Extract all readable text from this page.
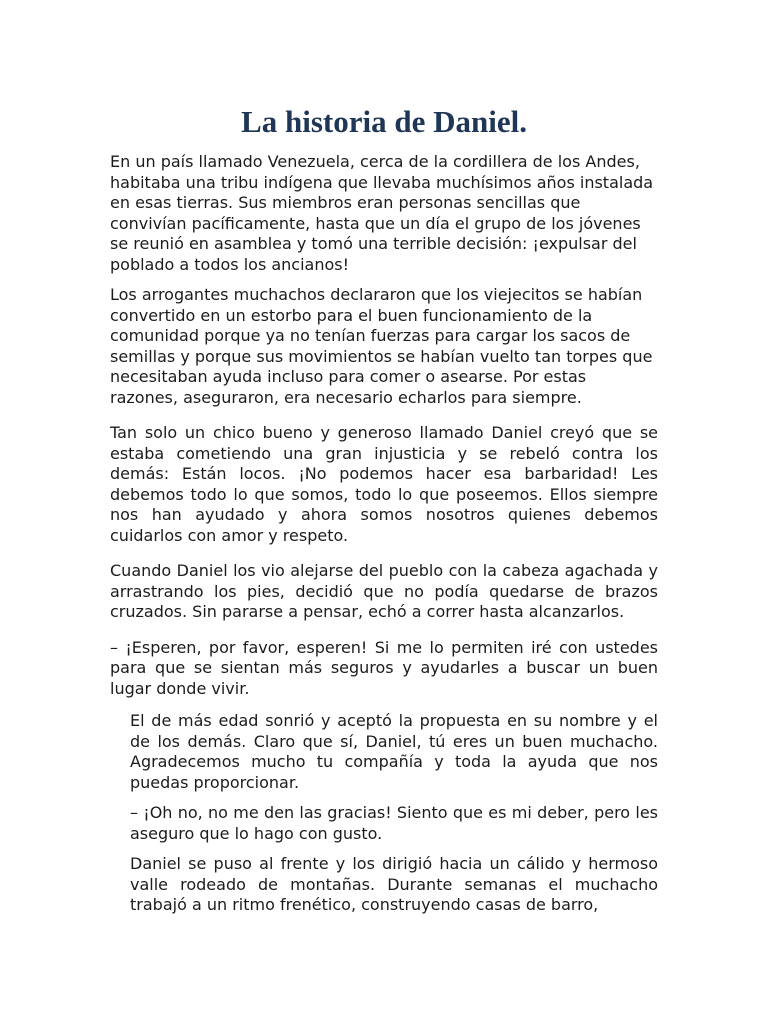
La historia de Daniel.

En un país llamado Venezuela, cerca de la cordillera de los Andes, habitaba una tribu indígena que llevaba muchísimos años instalada en esas tierras. Sus miembros eran personas sencillas que convivían pacíficamente, hasta que un día el grupo de los jóvenes se reunió en asamblea y tomó una terrible decisión: ¡expulsar del poblado a todos los ancianos!

Los arrogantes muchachos declararon que los viejecitos se habían convertido en un estorbo para el buen funcionamiento de la comunidad porque ya no tenían fuerzas para cargar los sacos de semillas y porque sus movimientos se habían vuelto tan torpes que necesitaban ayuda incluso para comer o asearse. Por estas razones, aseguraron, era necesario echarlos para siempre.

Tan solo un chico bueno y generoso llamado Daniel creyó que se estaba cometiendo una gran injusticia y se rebeló contra los demás: Están locos. ¡No podemos hacer esa barbaridad! Les debemos todo lo que somos, todo lo que poseemos. Ellos siempre nos han ayudado y ahora somos nosotros quienes debemos cuidarlos con amor y respeto.

Cuando Daniel los vio alejarse del pueblo con la cabeza agachada y arrastrando los pies, decidió que no podía quedarse de brazos cruzados. Sin pararse a pensar, echó a correr hasta alcanzarlos.

– ¡Esperen, por favor, esperen! Si me lo permiten iré con ustedes para que se sientan más seguros y ayudarles a buscar un buen lugar donde vivir.

El de más edad sonrió y aceptó la propuesta en su nombre y el de los demás. Claro que sí, Daniel, tú eres un buen muchacho. Agradecemos mucho tu compañía y toda la ayuda que nos puedas proporcionar.

– ¡Oh no, no me den las gracias! Siento que es mi deber, pero les aseguro que lo hago con gusto.

Daniel se puso al frente y los dirigió hacia un cálido y hermoso valle rodeado de montañas. Durante semanas el muchacho trabajó a un ritmo frenético, construyendo casas de barro,
